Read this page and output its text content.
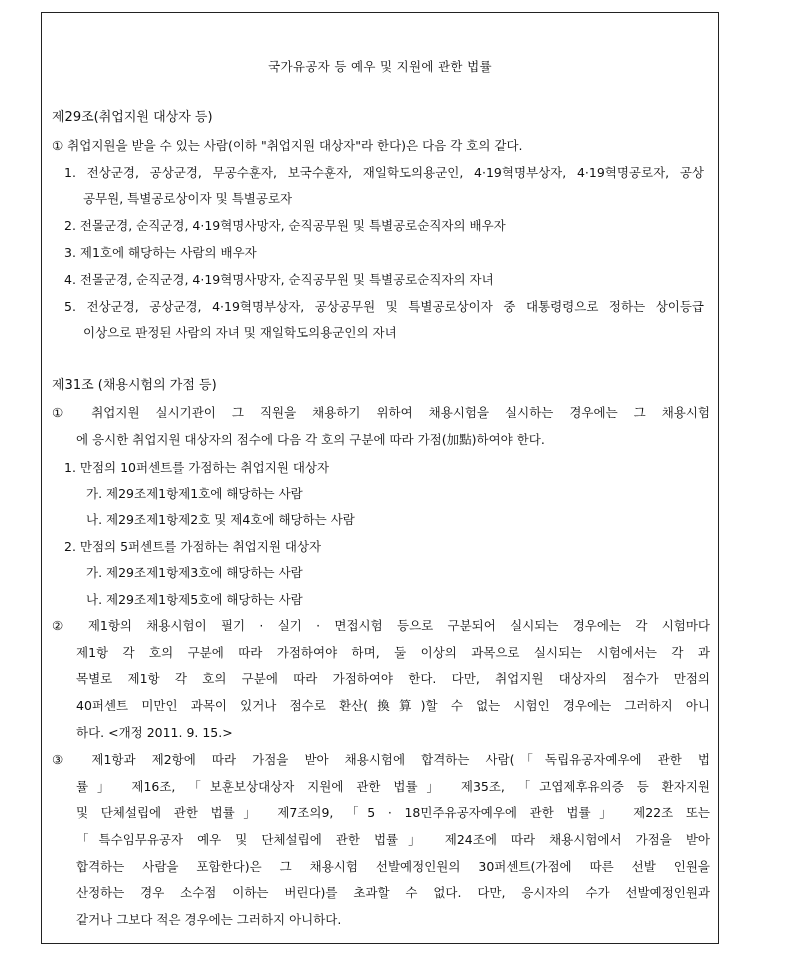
국가유공자 등 예우 및 지원에 관한 법률
제29조(취업지원 대상자 등)
① 취업지원을 받을 수 있는 사람(이하 "취업지원 대상자"라 한다)은 다음 각 호의 같다.
1. 전상군경, 공상군경, 무공수훈자, 보국수훈자, 재일학도의용군인, 4·19혁명부상자, 4·19혁명공로자, 공상
공무원, 특별공로상이자 및 특별공로자
2. 전몰군경, 순직군경, 4·19혁명사망자, 순직공무원 및 특별공로순직자의 배우자
3. 제1호에 해당하는 사람의 배우자
4. 전몰군경, 순직군경, 4·19혁명사망자, 순직공무원 및 특별공로순직자의 자녀
5. 전상군경, 공상군경, 4·19혁명부상자, 공상공무원 및 특별공로상이자 중 대통령령으로 정하는 상이등급
이상으로 판정된 사람의 자녀 및 재일학도의용군인의 자녀
제31조 (채용시험의 가점 등)
① 취업지원 실시기관이 그 직원을 채용하기 위하여 채용시험을 실시하는 경우에는 그 채용시험
에 응시한 취업지원 대상자의 점수에 다음 각 호의 구분에 따라 가점(加點)하여야 한다.
1. 만점의 10퍼센트를 가점하는 취업지원 대상자
가. 제29조제1항제1호에 해당하는 사람
나. 제29조제1항제2호 및 제4호에 해당하는 사람
2. 만점의 5퍼센트를 가점하는 취업지원 대상자
가. 제29조제1항제3호에 해당하는 사람
나. 제29조제1항제5호에 해당하는 사람
② 제1항의 채용시험이 필기 · 실기 · 면접시험 등으로 구분되어 실시되는 경우에는 각 시험마다
제1항 각 호의 구분에 따라 가점하여야 하며, 둘 이상의 과목으로 실시되는 시험에서는 각 과
목별로 제1항 각 호의 구분에 따라 가점하여야 한다. 다만, 취업지원 대상자의 점수가 만점의
40퍼센트 미만인 과목이 있거나 점수로 환산(換算)할 수 없는 시험인 경우에는 그러하지 아니
하다. <개정 2011. 9. 15.>
③ 제1항과 제2항에 따라 가점을 받아 채용시험에 합격하는 사람(「독립유공자예우에 관한 법
률」 제16조, 「보훈보상대상자 지원에 관한 법률」 제35조, 「고엽제후유의증 등 환자지원
및 단체설립에 관한 법률」 제7조의9, 「5 · 18민주유공자예우에 관한 법률」 제22조 또는
「특수임무유공자 예우 및 단체설립에 관한 법률」 제24조에 따라 채용시험에서 가점을 받아
합격하는 사람을 포함한다)은 그 채용시험 선발예정인원의 30퍼센트(가점에 따른 선발 인원을
산정하는 경우 소수점 이하는 버린다)를 초과할 수 없다. 다만, 응시자의 수가 선발예정인원과
같거나 그보다 적은 경우에는 그러하지 아니하다.
